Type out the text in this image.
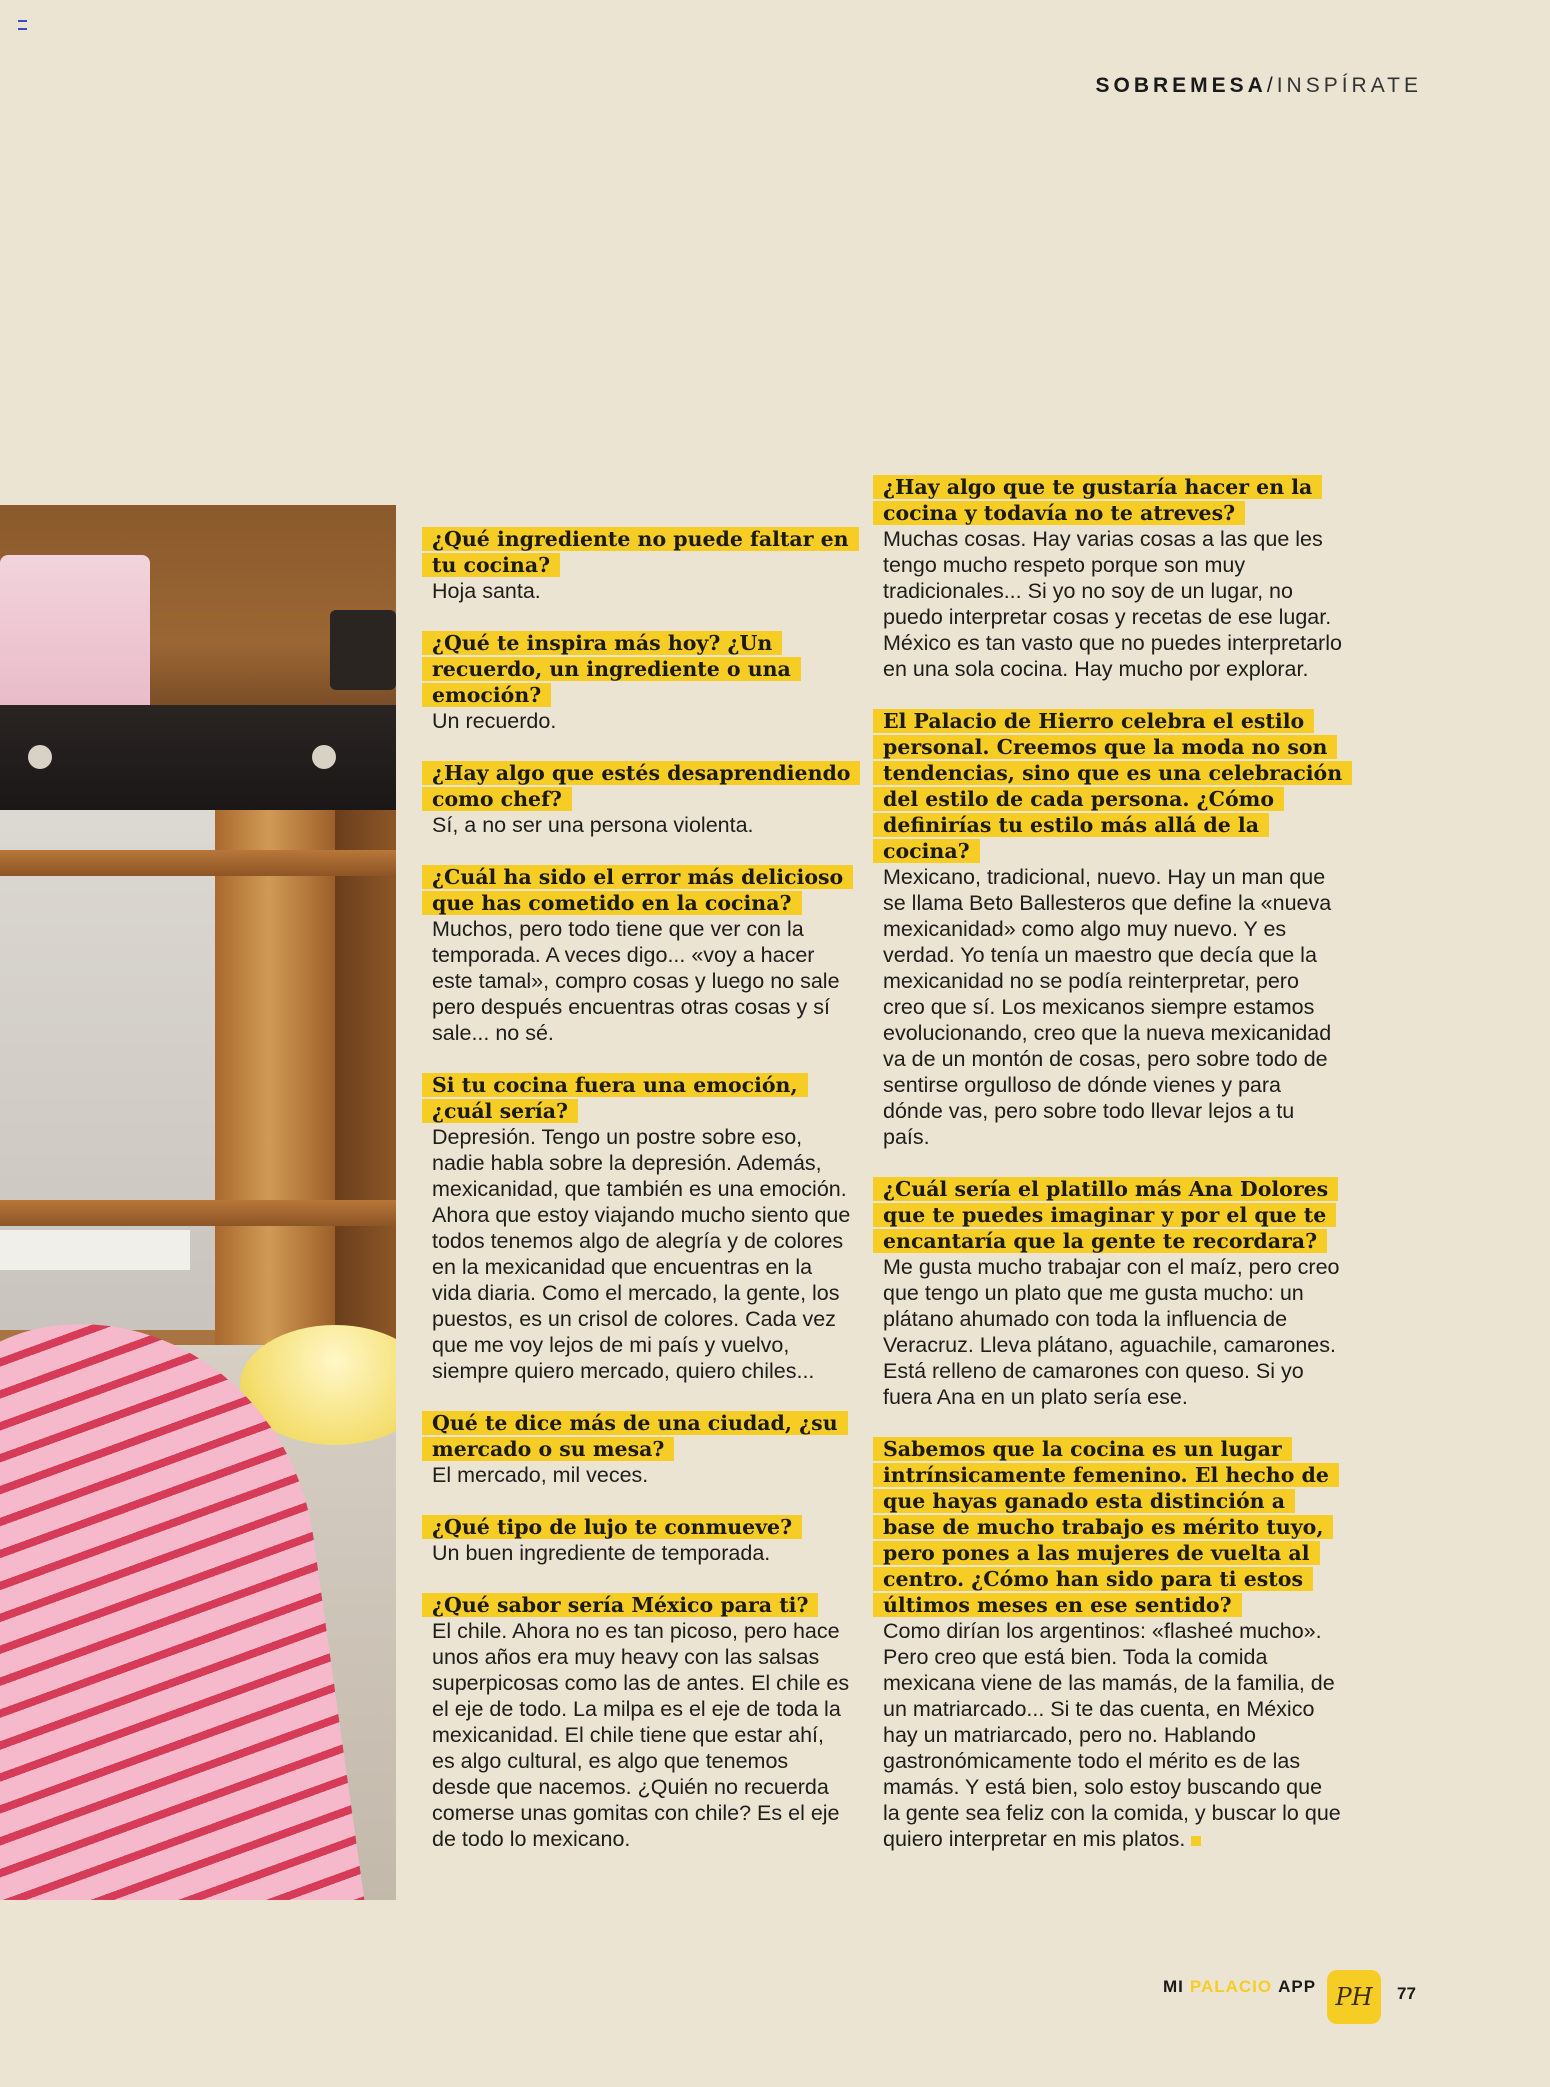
SOBREMESA/INSPÍRATE
¿Qué ingrediente no puede faltar en tu cocina?
Hoja santa.
¿Qué te inspira más hoy? ¿Un recuerdo, un ingrediente o una emoción?
Un recuerdo.
¿Hay algo que estés desaprendiendo como chef?
Sí, a no ser una persona violenta.
¿Cuál ha sido el error más delicioso que has cometido en la cocina?
Muchos, pero todo tiene que ver con la temporada. A veces digo... «voy a hacer este tamal», compro cosas y luego no sale pero después encuentras otras cosas y sí sale... no sé.
Si tu cocina fuera una emoción, ¿cuál sería?
Depresión. Tengo un postre sobre eso, nadie habla sobre la depresión. Además, mexicanidad, que también es una emoción. Ahora que estoy viajando mucho siento que todos tenemos algo de alegría y de colores en la mexicanidad que encuentras en la vida diaria. Como el mercado, la gente, los puestos, es un crisol de colores. Cada vez que me voy lejos de mi país y vuelvo, siempre quiero mercado, quiero chiles...
Qué te dice más de una ciudad, ¿su mercado o su mesa?
El mercado, mil veces.
¿Qué tipo de lujo te conmueve?
Un buen ingrediente de temporada.
¿Qué sabor sería México para ti?
El chile. Ahora no es tan picoso, pero hace unos años era muy heavy con las salsas superpicosas como las de antes. El chile es el eje de todo. La milpa es el eje de toda la mexicanidad. El chile tiene que estar ahí, es algo cultural, es algo que tenemos desde que nacemos. ¿Quién no recuerda comerse unas gomitas con chile? Es el eje de todo lo mexicano.
¿Hay algo que te gustaría hacer en la cocina y todavía no te atreves?
Muchas cosas. Hay varias cosas a las que les tengo mucho respeto porque son muy tradicionales... Si yo no soy de un lugar, no puedo interpretar cosas y recetas de ese lugar. México es tan vasto que no puedes interpretarlo en una sola cocina. Hay mucho por explorar.
El Palacio de Hierro celebra el estilo personal. Creemos que la moda no son tendencias, sino que es una celebración del estilo de cada persona. ¿Cómo definirías tu estilo más allá de la cocina?
Mexicano, tradicional, nuevo. Hay un man que se llama Beto Ballesteros que define la «nueva mexicanidad» como algo muy nuevo. Y es verdad. Yo tenía un maestro que decía que la mexicanidad no se podía reinterpretar, pero creo que sí. Los mexicanos siempre estamos evolucionando, creo que la nueva mexicanidad va de un montón de cosas, pero sobre todo de sentirse orgulloso de dónde vienes y para dónde vas, pero sobre todo llevar lejos a tu país.
¿Cuál sería el platillo más Ana Dolores que te puedes imaginar y por el que te encantaría que la gente te recordara?
Me gusta mucho trabajar con el maíz, pero creo que tengo un plato que me gusta mucho: un plátano ahumado con toda la influencia de Veracruz. Lleva plátano, aguachile, camarones. Está relleno de camarones con queso. Si yo fuera Ana en un plato sería ese.
Sabemos que la cocina es un lugar intrínsicamente femenino. El hecho de que hayas ganado esta distinción a base de mucho trabajo es mérito tuyo, pero pones a las mujeres de vuelta al centro. ¿Cómo han sido para ti estos últimos meses en ese sentido?
Como dirían los argentinos: «flasheé mucho». Pero creo que está bien. Toda la comida mexicana viene de las mamás, de la familia, de un matriarcado... Si te das cuenta, en México hay un matriarcado, pero no. Hablando gastronómicamente todo el mérito es de las mamás. Y está bien, solo estoy buscando que la gente sea feliz con la comida, y buscar lo que quiero interpretar en mis platos.
MI PALACIO APP PH 77
